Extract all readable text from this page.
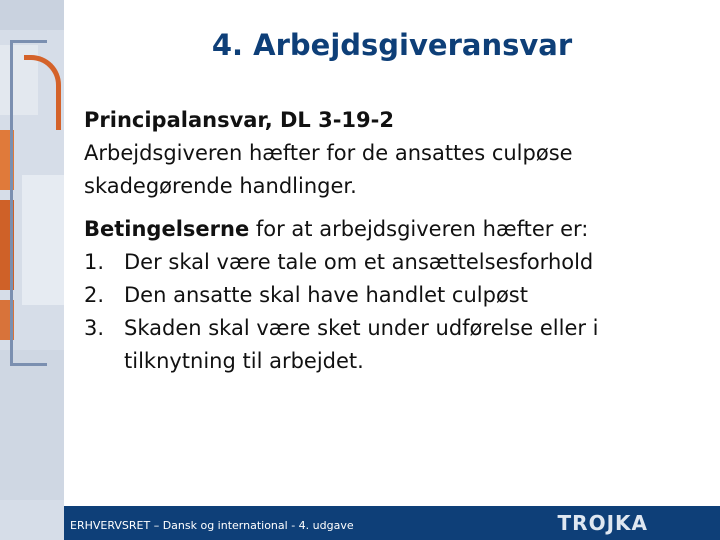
4. Arbejdsgiveransvar
Principalansvar, DL 3-19-2
Arbejdsgiveren hæfter for de ansattes culpøse skadegørende handlinger.
Betingelserne for at arbejdsgiveren hæfter er:
1. Der skal være tale om et ansættelsesforhold
2. Den ansatte skal have handlet culpøst
3. Skaden skal være sket under udførelse eller i tilknytning til arbejdet.
ERHVERVSRET – Dansk og international - 4. udgave	TROJKA
